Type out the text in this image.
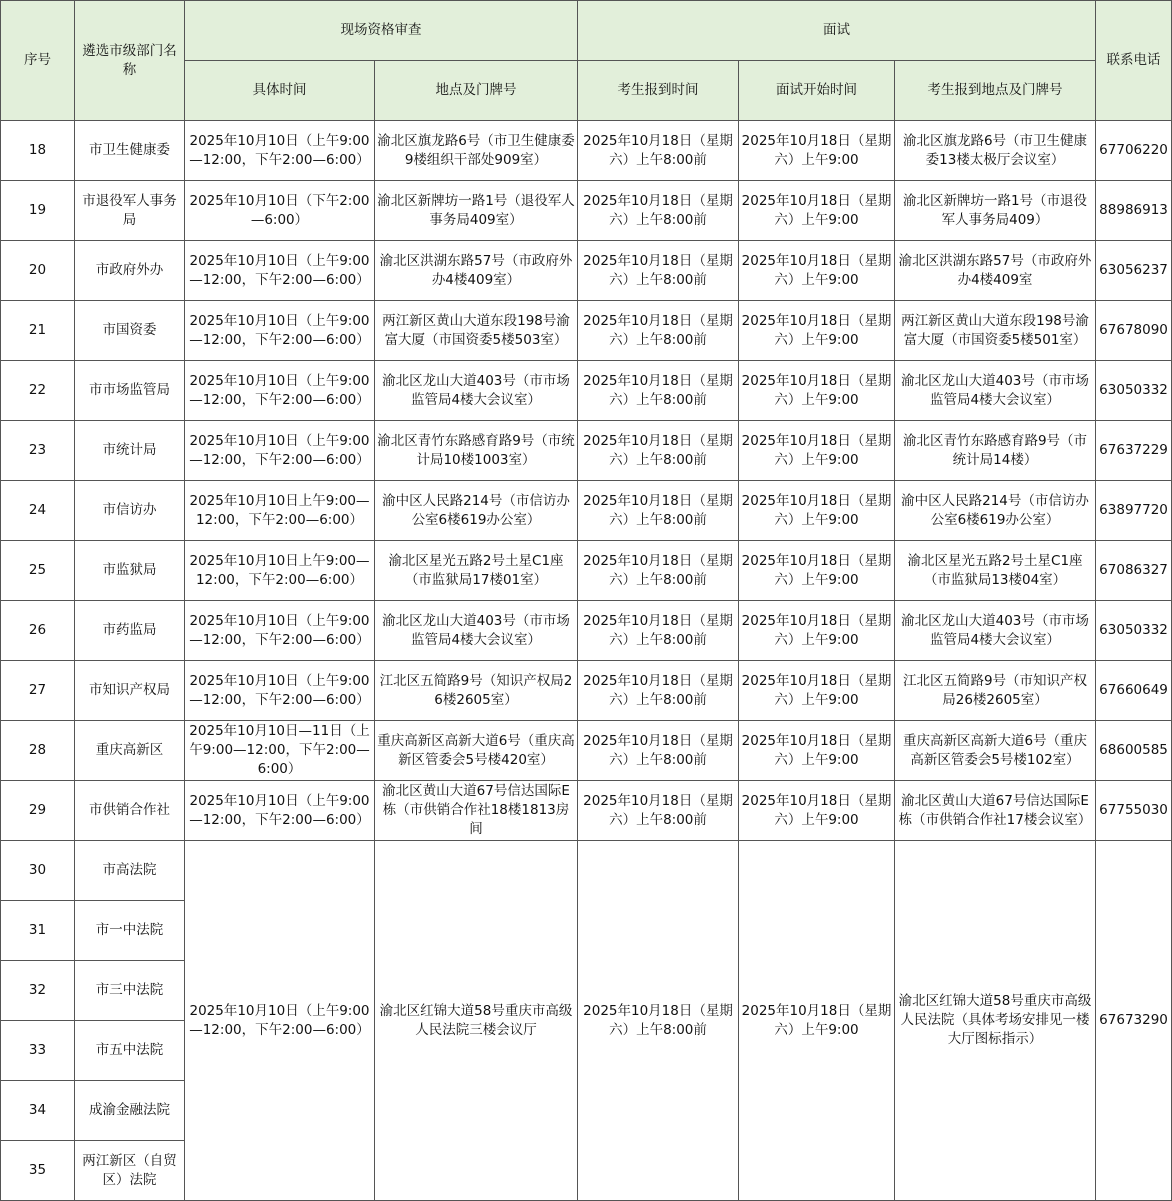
序号	遴选市级部门名称	现场资格审查		面试			联系电话
		具体时间	地点及门牌号	考生报到时间	面试开始时间	考生报到地点及门牌号	
18	市卫生健康委	2025年10月10日（上午9:00—12:00，下午2:00—6:00）	渝北区旗龙路6号（市卫生健康委9楼组织干部处909室）	2025年10月18日（星期六）上午8:00前	2025年10月18日（星期六）上午9:00	渝北区旗龙路6号（市卫生健康委13楼太极厅会议室）	67706220
19	市退役军人事务局	2025年10月10日（下午2:00—6:00）	渝北区新牌坊一路1号（退役军人事务局409室）	2025年10月18日（星期六）上午8:00前	2025年10月18日（星期六）上午9:00	渝北区新牌坊一路1号（市退役军人事务局409）	88986913
20	市政府外办	2025年10月10日（上午9:00—12:00，下午2:00—6:00）	渝北区洪湖东路57号（市政府外办4楼409室）	2025年10月18日（星期六）上午8:00前	2025年10月18日（星期六）上午9:00	渝北区洪湖东路57号（市政府外办4楼409室	63056237
21	市国资委	2025年10月10日（上午9:00—12:00，下午2:00—6:00）	两江新区黄山大道东段198号渝富大厦（市国资委5楼503室）	2025年10月18日（星期六）上午8:00前	2025年10月18日（星期六）上午9:00	两江新区黄山大道东段198号渝富大厦（市国资委5楼501室）	67678090
22	市市场监管局	2025年10月10日（上午9:00—12:00，下午2:00—6:00）	渝北区龙山大道403号（市市场监管局4楼大会议室）	2025年10月18日（星期六）上午8:00前	2025年10月18日（星期六）上午9:00	渝北区龙山大道403号（市市场监管局4楼大会议室）	63050332
23	市统计局	2025年10月10日（上午9:00—12:00，下午2:00—6:00）	渝北区青竹东路感育路9号（市统计局10楼1003室）	2025年10月18日（星期六）上午8:00前	2025年10月18日（星期六）上午9:00	渝北区青竹东路感育路9号（市统计局14楼）	67637229
24	市信访办	2025年10月10日上午9:00—12:00，下午2:00—6:00）	渝中区人民路214号（市信访办公室6楼619办公室）	2025年10月18日（星期六）上午8:00前	2025年10月18日（星期六）上午9:00	渝中区人民路214号（市信访办公室6楼619办公室）	63897720
25	市监狱局	2025年10月10日上午9:00—12:00，下午2:00—6:00）	渝北区星光五路2号土星C1座（市监狱局17楼01室）	2025年10月18日（星期六）上午8:00前	2025年10月18日（星期六）上午9:00	渝北区星光五路2号土星C1座（市监狱局13楼04室）	67086327
26	市药监局	2025年10月10日（上午9:00—12:00，下午2:00—6:00）	渝北区龙山大道403号（市市场监管局4楼大会议室）	2025年10月18日（星期六）上午8:00前	2025年10月18日（星期六）上午9:00	渝北区龙山大道403号（市市场监管局4楼大会议室）	63050332
27	市知识产权局	2025年10月10日（上午9:00—12:00，下午2:00—6:00）	江北区五简路9号（知识产权局26楼2605室）	2025年10月18日（星期六）上午8:00前	2025年10月18日（星期六）上午9:00	江北区五简路9号（市知识产权局26楼2605室）	67660649
28	重庆高新区	2025年10月10日—11日（上午9:00—12:00，下午2:00—6:00）	重庆高新区高新大道6号（重庆高新区管委会5号楼420室）	2025年10月18日（星期六）上午8:00前	2025年10月18日（星期六）上午9:00	重庆高新区高新大道6号（重庆高新区管委会5号楼102室）	68600585
29	市供销合作社	2025年10月10日（上午9:00—12:00，下午2:00—6:00）	渝北区黄山大道67号信达国际E栋（市供销合作社18楼1813房间	2025年10月18日（星期六）上午8:00前	2025年10月18日（星期六）上午9:00	渝北区黄山大道67号信达国际E栋（市供销合作社17楼会议室）	67755030
30	市高法院	2025年10月10日（上午9:00—12:00，下午2:00—6:00）	渝北区红锦大道58号重庆市高级人民法院三楼会议厅	2025年10月18日（星期六）上午8:00前	2025年10月18日（星期六）上午9:00	渝北区红锦大道58号重庆市高级人民法院（具体考场安排见一楼大厅图标指示）	67673290
31	市一中法院						
32	市三中法院						
33	市五中法院						
34	成渝金融法院						
35	两江新区（自贸区）法院						
